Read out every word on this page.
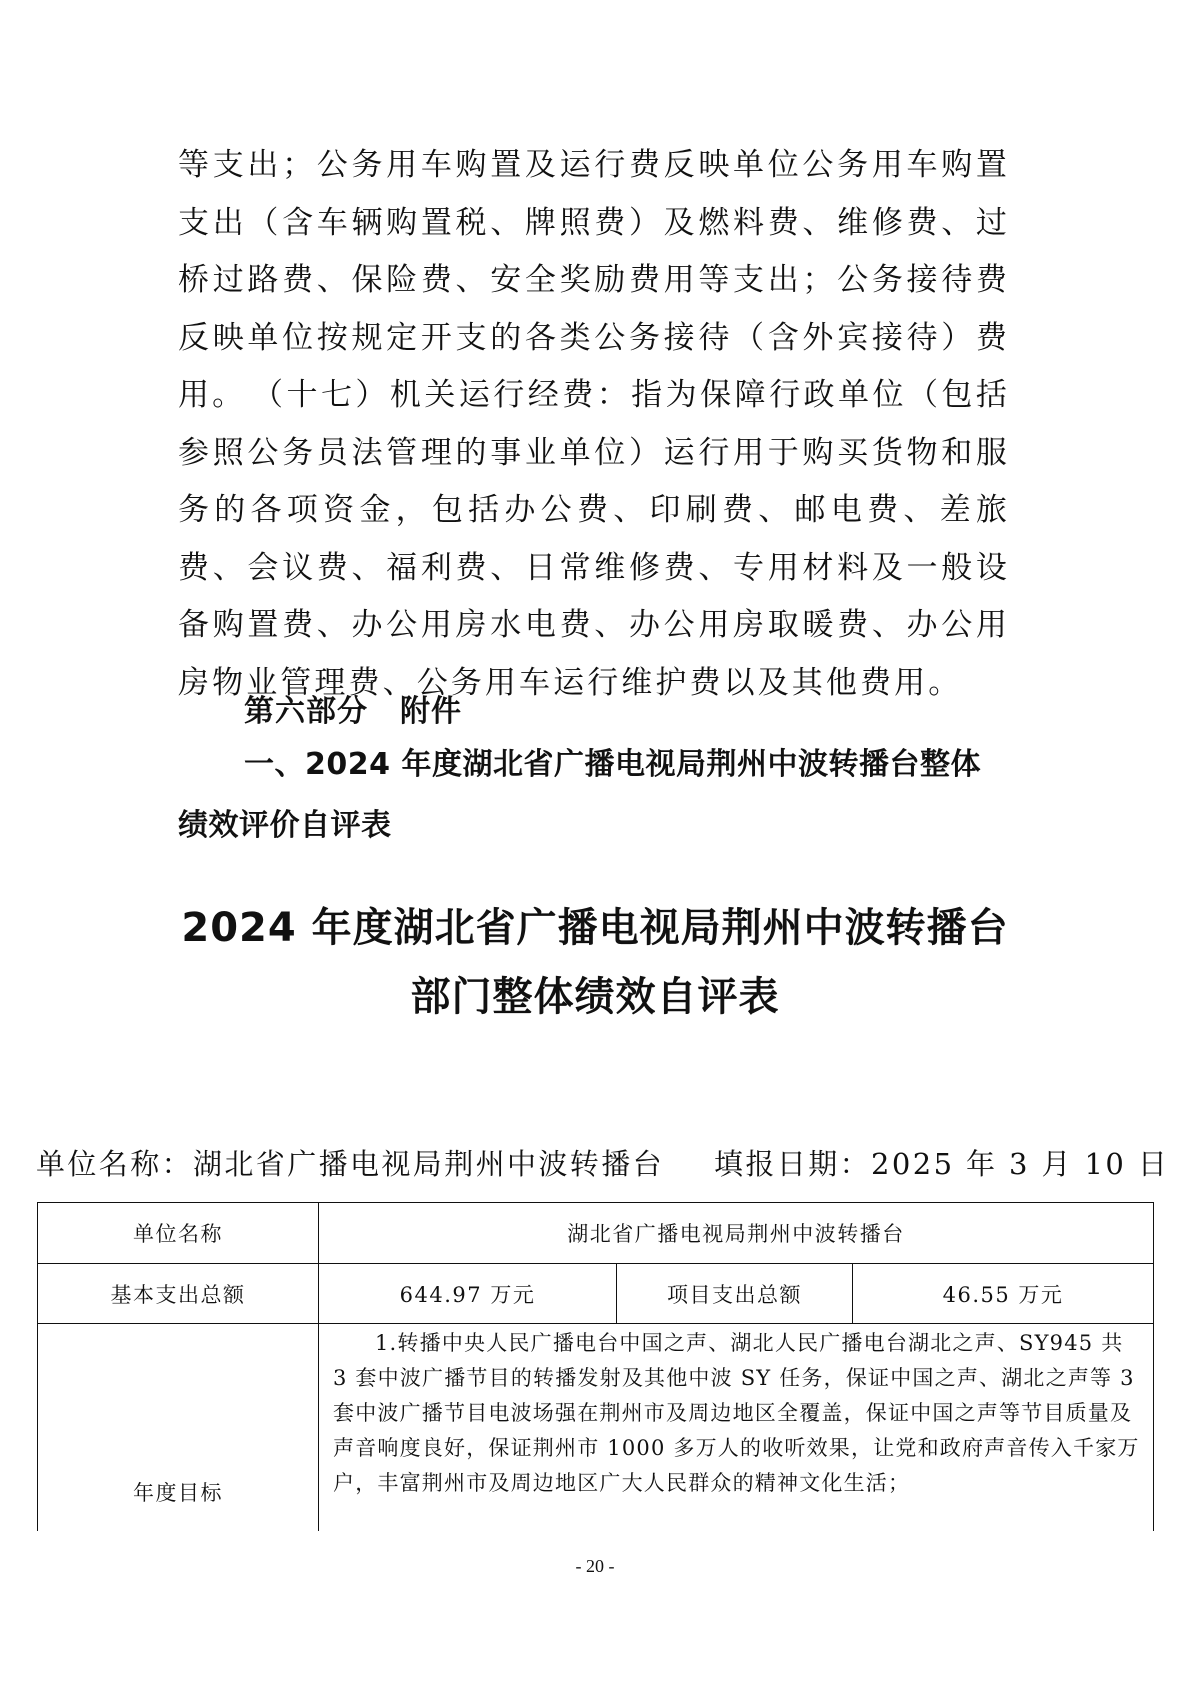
等支出；公务用车购置及运行费反映单位公务用车购置支出（含车辆购置税、牌照费）及燃料费、维修费、过桥过路费、保险费、安全奖励费用等支出；公务接待费反映单位按规定开支的各类公务接待（含外宾接待）费用。 （十七）机关运行经费：指为保障行政单位（包括参照公务员法管理的事业单位）运行用于购买货物和服务的各项资金，包括办公费、印刷费、邮电费、差旅费、会议费、福利费、日常维修费、专用材料及一般设备购置费、办公用房水电费、办公用房取暖费、办公用房物业管理费、公务用车运行维护费以及其他费用。
第六部分 附件
一、2024 年度湖北省广播电视局荆州中波转播台整体绩效评价自评表
2024 年度湖北省广播电视局荆州中波转播台
部门整体绩效自评表
单位名称：湖北省广播电视局荆州中波转播台 填报日期：2025 年 3 月 10 日
单位名称	湖北省广播电视局荆州中波转播台		
基本支出总额	644.97 万元	项目支出总额	46.55 万元
年度目标	1.转播中央人民广播电台中国之声、湖北人民广播电台湖北之声、SY945 共 3 套中波广播节目的转播发射及其他中波 SY 任务，保证中国之声、湖北之声等 3 套中波广播节目电波场强在荆州市及周边地区全覆盖，保证中国之声等节目质量及声音响度良好，保证荆州市 1000 多万人的收听效果，让党和政府声音传入千家万户，丰富荆州市及周边地区广大人民群众的精神文化生活；		
- 20 -
